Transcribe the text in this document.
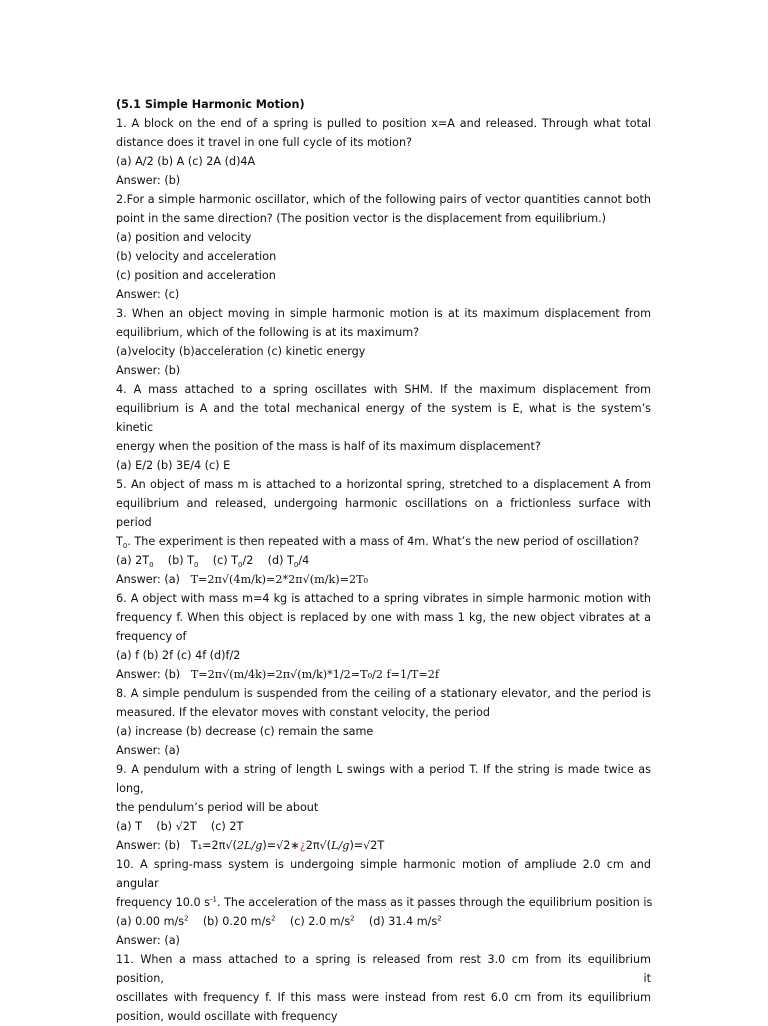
(5.1 Simple Harmonic Motion)

1. A block on the end of a spring is pulled to position x=A and released. Through what total

distance does it travel in one full cycle of its motion?

(a) A/2 (b) A (c) 2A (d)4A

Answer: (b)

2.For a simple harmonic oscillator, which of the following pairs of vector quantities cannot both

point in the same direction? (The position vector is the displacement from equilibrium.)

(a) position and velocity

(b) velocity and acceleration

(c) position and acceleration

Answer: (c)

3. When an object moving in simple harmonic motion is at its maximum displacement from

equilibrium, which of the following is at its maximum?

(a)velocity (b)acceleration (c) kinetic energy

Answer: (b)

4. A mass attached to a spring oscillates with SHM. If the maximum displacement from

equilibrium is A and the total mechanical energy of the system is E, what is the system’s kinetic

energy when the position of the mass is half of its maximum displacement?

(a) E/2 (b) 3E/4 (c) E

5. An object of mass m is attached to a horizontal spring, stretched to a displacement A from

equilibrium and released, undergoing harmonic oscillations on a frictionless surface with period

$T_0$. The experiment is then repeated with a mass of 4m. What’s the new period of oscillation?

(a) $2T_0$ (b) $T_0$ (c) $T_0/2$ (d) $T_0/4$

Answer: (a) T=2π√(4m/k)=2*2π√(m/k)=2T₀

6. A object with mass m=4 kg is attached to a spring vibrates in simple harmonic motion with

frequency f. When this object is replaced by one with mass 1 kg, the new object vibrates at a

frequency of

(a) f (b) 2f (c) 4f (d)f/2

Answer: (b) T=2π√(m/4k)=2π√(m/k)*1/2=T₀/2 f=1/T=2f

8. A simple pendulum is suspended from the ceiling of a stationary elevator, and the period is

measured. If the elevator moves with constant velocity, the period

(a) increase (b) decrease (c) remain the same

Answer: (a)

9. A pendulum with a string of length L swings with a period T. If the string is made twice as long,

the pendulum’s period will be about

(a) T (b) √2T (c) 2T

Answer: (b) T₁=2π√(2L/g)=√2∗¿2π√(L/g)=√2T

10. A spring-mass system is undergoing simple harmonic motion of ampliude 2.0 cm and angular

frequency 10.0 $s^{-1}$. The acceleration of the mass as it passes through the equilibrium position is

(a) 0.00 $m/s^2$ (b) 0.20 $m/s^2$ (c) 2.0 $m/s^2$ (d) 31.4 $m/s^2$

Answer: (a)

11. When a mass attached to a spring is released from rest 3.0 cm from its equilibrium position, it

oscillates with frequency f. If this mass were instead from rest 6.0 cm from its equilibrium

position, would oscillate with frequency
